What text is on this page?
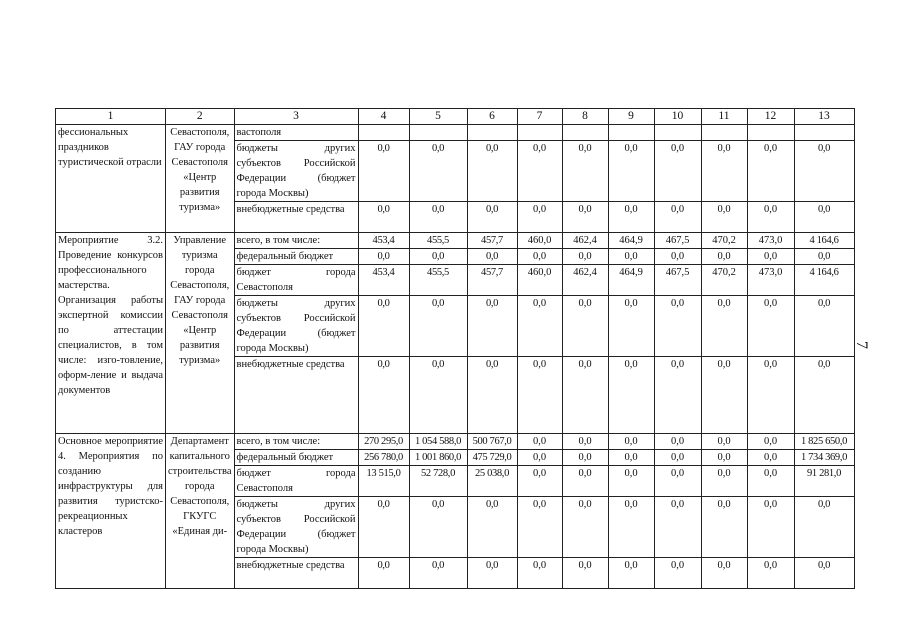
1	2	3	4	5	6	7	8	9	10	11	12	13
фессиональных праздников туристической отрасли	Севастополя, ГАУ города Севастополя «Центр развития туризма»	вастополя										
		бюджеты других субъектов Российской Федерации (бюджет города Москвы)	0,0	0,0	0,0	0,0	0,0	0,0	0,0	0,0	0,0	0,0
		внебюджетные средства	0,0	0,0	0,0	0,0	0,0	0,0	0,0	0,0	0,0	0,0
Мероприятие 3.2. Проведение конкурсов профессионального мастерства. Организация работы экспертной комиссии по аттестации специалистов, в том числе: изго-товление, оформ-ление и выдача документов	Управление туризма города Севастополя, ГАУ города Севастополя «Центр развития туризма»	всего, в том числе:	453,4	455,5	457,7	460,0	462,4	464,9	467,5	470,2	473,0	4 164,6
		федеральный бюджет	0,0	0,0	0,0	0,0	0,0	0,0	0,0	0,0	0,0	0,0
		бюджет города Севастополя	453,4	455,5	457,7	460,0	462,4	464,9	467,5	470,2	473,0	4 164,6
		бюджеты других субъектов Российской Федерации (бюджет города Москвы)	0,0	0,0	0,0	0,0	0,0	0,0	0,0	0,0	0,0	0,0
		внебюджетные средства	0,0	0,0	0,0	0,0	0,0	0,0	0,0	0,0	0,0	0,0
Основное мероприятие 4. Мероприятия по созданию инфраструктуры для развития туристско-рекреационных кластеров	Департамент капитального строительства города Севастополя, ГКУГС «Единая ди-	всего, в том числе:	270 295,0	1 054 588,0	500 767,0	0,0	0,0	0,0	0,0	0,0	0,0	1 825 650,0
		федеральный бюджет	256 780,0	1 001 860,0	475 729,0	0,0	0,0	0,0	0,0	0,0	0,0	1 734 369,0
		бюджет города Севастополя	13 515,0	52 728,0	25 038,0	0,0	0,0	0,0	0,0	0,0	0,0	91 281,0
		бюджеты других субъектов Российской Федерации (бюджет города Москвы)	0,0	0,0	0,0	0,0	0,0	0,0	0,0	0,0	0,0	0,0
		внебюджетные средства	0,0	0,0	0,0	0,0	0,0	0,0	0,0	0,0	0,0	0,0
7
